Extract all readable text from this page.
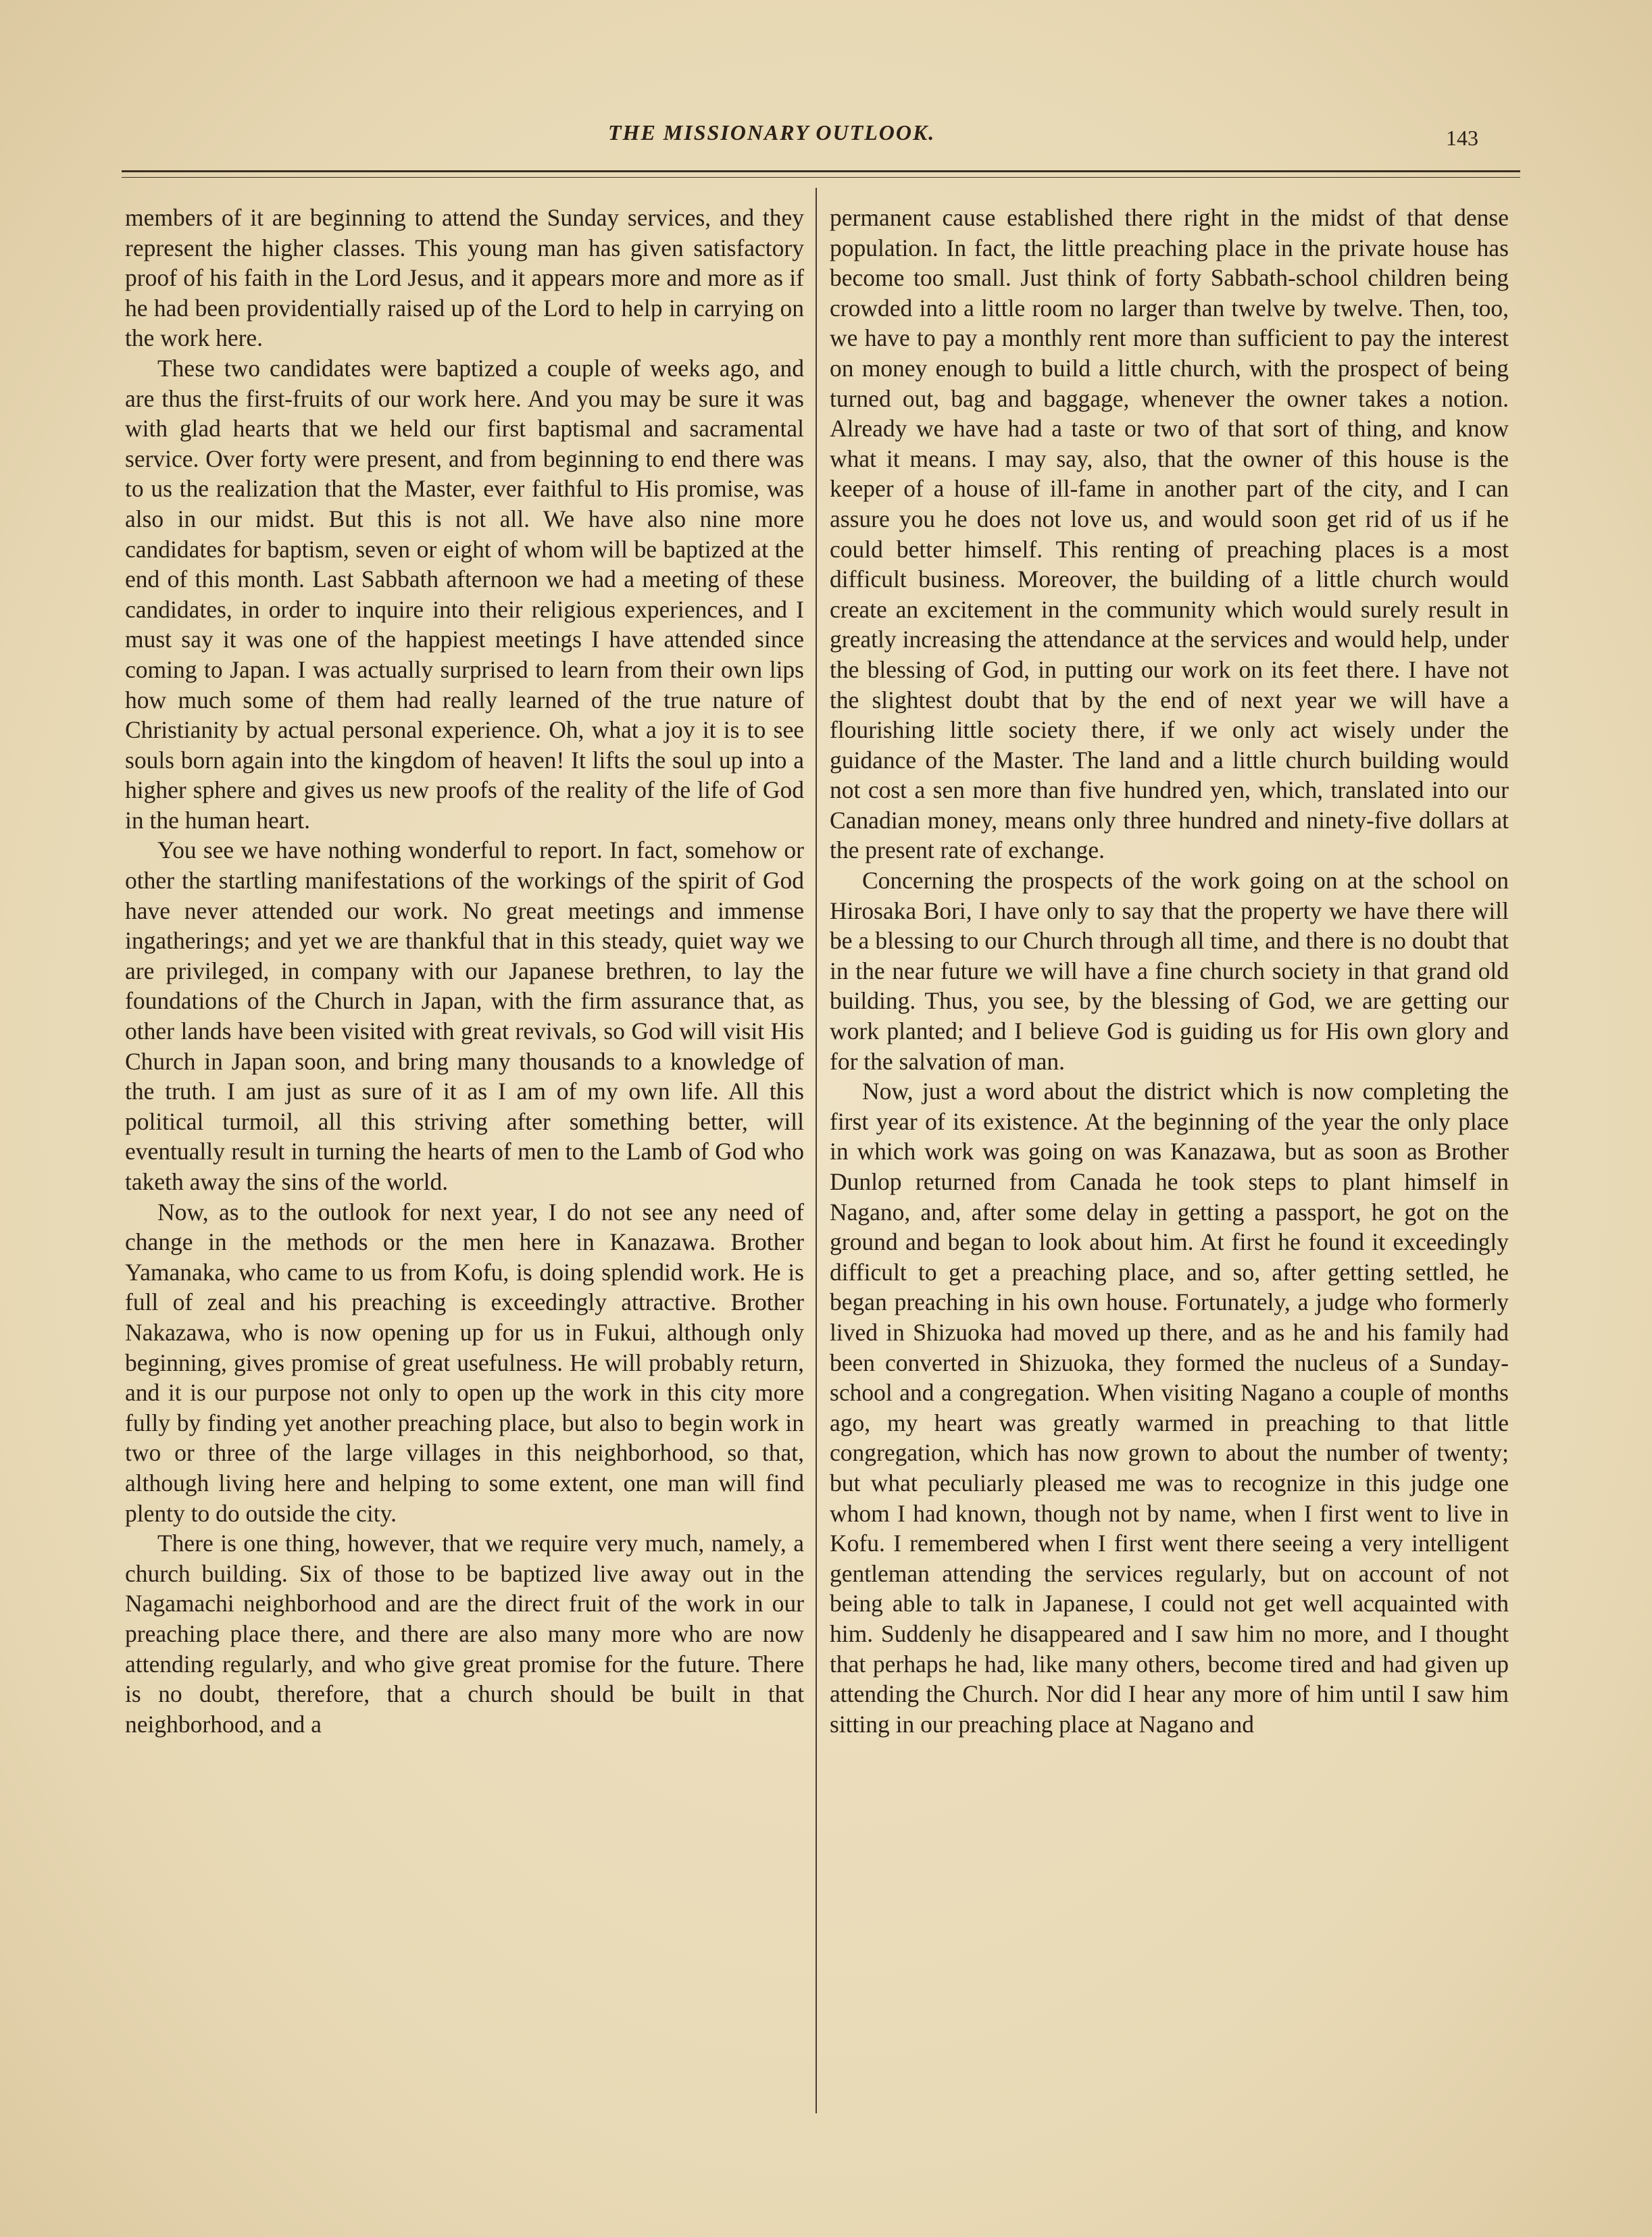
THE MISSIONARY OUTLOOK.	143

members of it are beginning to attend the Sunday services, and they represent the higher classes. This young man has given satisfactory proof of his faith in the Lord Jesus, and it appears more and more as if he had been providentially raised up of the Lord to help in carrying on the work here.

These two candidates were baptized a couple of weeks ago, and are thus the first-fruits of our work here. And you may be sure it was with glad hearts that we held our first baptismal and sacramental service. Over forty were present, and from beginning to end there was to us the realization that the Master, ever faithful to His promise, was also in our midst. But this is not all. We have also nine more candidates for baptism, seven or eight of whom will be baptized at the end of this month. Last Sabbath afternoon we had a meeting of these candidates, in order to inquire into their religious experiences, and I must say it was one of the happiest meetings I have attended since coming to Japan. I was actually surprised to learn from their own lips how much some of them had really learned of the true nature of Christianity by actual personal experience. Oh, what a joy it is to see souls born again into the kingdom of heaven! It lifts the soul up into a higher sphere and gives us new proofs of the reality of the life of God in the human heart.

You see we have nothing wonderful to report. In fact, somehow or other the startling manifestations of the workings of the spirit of God have never attended our work. No great meetings and immense ingatherings; and yet we are thankful that in this steady, quiet way we are privileged, in company with our Japanese brethren, to lay the foundations of the Church in Japan, with the firm assurance that, as other lands have been visited with great revivals, so God will visit His Church in Japan soon, and bring many thousands to a knowledge of the truth. I am just as sure of it as I am of my own life. All this political turmoil, all this striving after something better, will eventually result in turning the hearts of men to the Lamb of God who taketh away the sins of the world.

Now, as to the outlook for next year, I do not see any need of change in the methods or the men here in Kanazawa. Brother Yamanaka, who came to us from Kofu, is doing splendid work. He is full of zeal and his preaching is exceedingly attractive. Brother Nakazawa, who is now opening up for us in Fukui, although only beginning, gives promise of great usefulness. He will probably return, and it is our purpose not only to open up the work in this city more fully by finding yet another preaching place, but also to begin work in two or three of the large villages in this neighborhood, so that, although living here and helping to some extent, one man will find plenty to do outside the city.

There is one thing, however, that we require very much, namely, a church building. Six of those to be baptized live away out in the Nagamachi neighborhood and are the direct fruit of the work in our preaching place there, and there are also many more who are now attending regularly, and who give great promise for the future. There is no doubt, therefore, that a church should be built in that neighborhood, and a

permanent cause established there right in the midst of that dense population. In fact, the little preaching place in the private house has become too small. Just think of forty Sabbath-school children being crowded into a little room no larger than twelve by twelve. Then, too, we have to pay a monthly rent more than sufficient to pay the interest on money enough to build a little church, with the prospect of being turned out, bag and baggage, whenever the owner takes a notion. Already we have had a taste or two of that sort of thing, and know what it means. I may say, also, that the owner of this house is the keeper of a house of ill-fame in another part of the city, and I can assure you he does not love us, and would soon get rid of us if he could better himself. This renting of preaching places is a most difficult business. Moreover, the building of a little church would create an excitement in the community which would surely result in greatly increasing the attendance at the services and would help, under the blessing of God, in putting our work on its feet there. I have not the slightest doubt that by the end of next year we will have a flourishing little society there, if we only act wisely under the guidance of the Master. The land and a little church building would not cost a sen more than five hundred yen, which, translated into our Canadian money, means only three hundred and ninety-five dollars at the present rate of exchange.

Concerning the prospects of the work going on at the school on Hirosaka Bori, I have only to say that the property we have there will be a blessing to our Church through all time, and there is no doubt that in the near future we will have a fine church society in that grand old building. Thus, you see, by the blessing of God, we are getting our work planted; and I believe God is guiding us for His own glory and for the salvation of man.

Now, just a word about the district which is now completing the first year of its existence. At the beginning of the year the only place in which work was going on was Kanazawa, but as soon as Brother Dunlop returned from Canada he took steps to plant himself in Nagano, and, after some delay in getting a passport, he got on the ground and began to look about him. At first he found it exceedingly difficult to get a preaching place, and so, after getting settled, he began preaching in his own house. Fortunately, a judge who formerly lived in Shizuoka had moved up there, and as he and his family had been converted in Shizuoka, they formed the nucleus of a Sunday-school and a congregation. When visiting Nagano a couple of months ago, my heart was greatly warmed in preaching to that little congregation, which has now grown to about the number of twenty; but what peculiarly pleased me was to recognize in this judge one whom I had known, though not by name, when I first went to live in Kofu. I remembered when I first went there seeing a very intelligent gentleman attending the services regularly, but on account of not being able to talk in Japanese, I could not get well acquainted with him. Suddenly he disappeared and I saw him no more, and I thought that perhaps he had, like many others, become tired and had given up attending the Church. Nor did I hear any more of him until I saw him sitting in our preaching place at Nagano and
